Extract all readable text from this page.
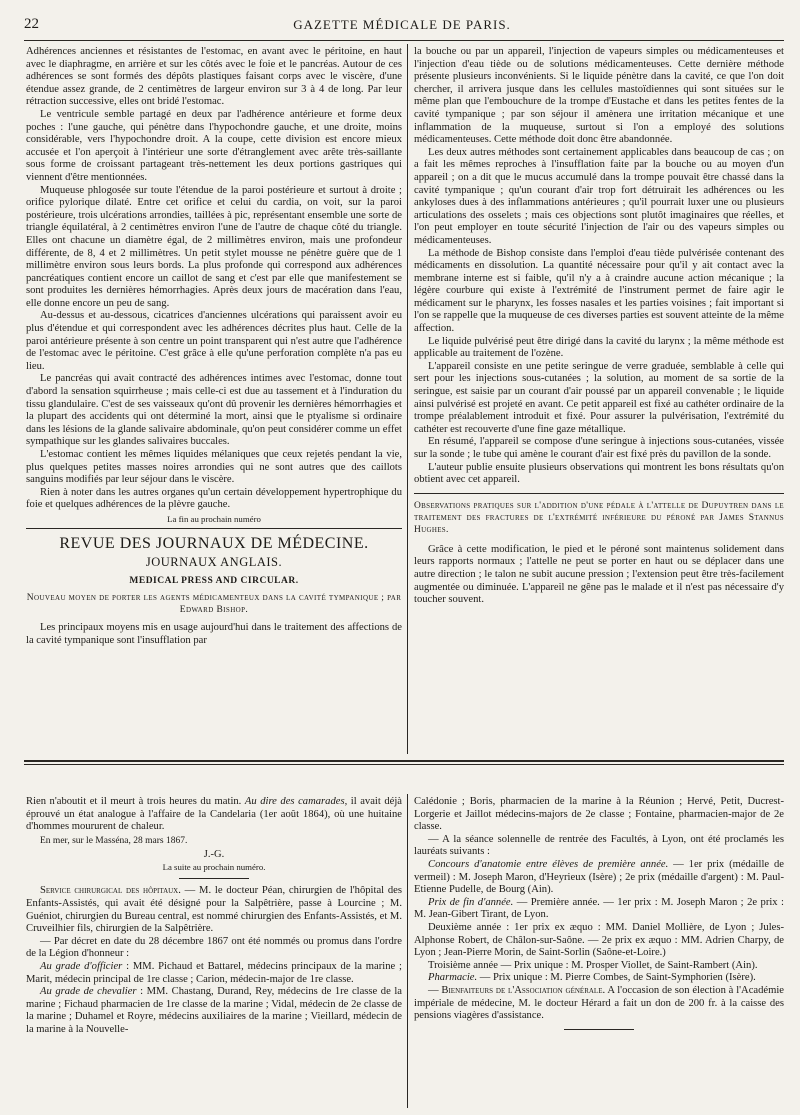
22	GAZETTE MÉDICALE DE PARIS.

Adhérences anciennes et résistantes de l'estomac, en avant avec le péritoine, en haut avec le diaphragme, en arrière et sur les côtés avec le foie et le pancréas. Autour de ces adhérences se sont formés des dépôts plastiques faisant corps avec le viscère, d'une étendue assez grande, de 2 centimètres de largeur environ sur 3 à 4 de long. Par leur rétraction successive, elles ont bridé l'estomac.

Le ventricule semble partagé en deux par l'adhérence antérieure et forme deux poches : l'une gauche, qui pénètre dans l'hypochondre gauche, et une droite, moins considérable, vers l'hypochondre droit. A la coupe, cette division est encore mieux accusée et l'on aperçoit à l'intérieur une sorte d'étranglement avec arête très-saillante sous forme de croissant partageant très-nettement les deux portions gastriques qui viennent d'être mentionnées.

Muqueuse phlogosée sur toute l'étendue de la paroi postérieure et surtout à droite ; orifice pylorique dilaté. Entre cet orifice et celui du cardia, on voit, sur la paroi postérieure, trois ulcérations arrondies, taillées à pic, représentant ensemble une sorte de triangle équilatéral, à 2 centimètres environ l'une de l'autre de chaque côté du triangle. Elles ont chacune un diamètre égal, de 2 millimètres environ, mais une profondeur différente, de 8, 4 et 2 millimètres. Un petit stylet mousse ne pénètre guère que de 1 millimètre environ sous leurs bords. La plus profonde qui correspond aux adhérences pancréatiques contient encore un caillot de sang et c'est par elle que manifestement se sont produites les dernières hémorrhagies. Après deux jours de macération dans l'eau, elle donne encore un peu de sang.

Au-dessus et au-dessous, cicatrices d'anciennes ulcérations qui paraissent avoir eu plus d'étendue et qui correspondent avec les adhérences décrites plus haut. Celle de la paroi antérieure présente à son centre un point transparent qui n'est autre que l'adhérence de l'estomac avec le péritoine. C'est grâce à elle qu'une perforation complète n'a pas eu lieu.

Le pancréas qui avait contracté des adhérences intimes avec l'estomac, donne tout d'abord la sensation squirrheuse ; mais celle-ci est due au tassement et à l'induration du tissu glandulaire. C'est de ses vaisseaux qu'ont dû provenir les dernières hémorrhagies et la plupart des accidents qui ont déterminé la mort, ainsi que le ptyalisme si ordinaire dans les lésions de la glande salivaire abdominale, qu'on peut considérer comme un effet sympathique sur les glandes salivaires buccales.

L'estomac contient les mêmes liquides mélaniques que ceux rejetés pendant la vie, plus quelques petites masses noires arrondies qui ne sont autres que des caillots sanguins modifiés par leur séjour dans le viscère.

Rien à noter dans les autres organes qu'un certain développement hypertrophique du foie et quelques adhérences de la plèvre gauche.

La fin au prochain numéro
REVUE DES JOURNAUX DE MÉDECINE.
JOURNAUX ANGLAIS.
MEDICAL PRESS AND CIRCULAR.
Nouveau moyen de porter les agents médicamenteux dans la cavité tympanique ; par Edward Bishop.

Les principaux moyens mis en usage aujourd'hui dans le traitement des affections de la cavité tympanique sont l'insufflation par

la bouche ou par un appareil, l'injection de vapeurs simples ou médicamenteuses et l'injection d'eau tiède ou de solutions médicamenteuses. Cette dernière méthode présente plusieurs inconvénients. Si le liquide pénètre dans la cavité, ce que l'on doit chercher, il arrivera jusque dans les cellules mastoïdiennes qui sont situées sur le même plan que l'embouchure de la trompe d'Eustache et dans les petites fentes de la cavité tympanique ; par son séjour il amènera une irritation mécanique et une inflammation de la muqueuse, surtout si l'on a employé des solutions médicamenteuses. Cette méthode doit donc être abandonnée.

Les deux autres méthodes sont certainement applicables dans beaucoup de cas ; on a fait les mêmes reproches à l'insufflation faite par la bouche ou au moyen d'un appareil ; on a dit que le mucus accumulé dans la trompe pouvait être chassé dans la cavité tympanique ; qu'un courant d'air trop fort détruirait les adhérences ou les ankyloses dues à des inflammations antérieures ; qu'il pourrait luxer une ou plusieurs articulations des osselets ; mais ces objections sont plutôt imaginaires que réelles, et l'on peut employer en toute sécurité l'injection de l'air ou des vapeurs simples ou médicamenteuses.

La méthode de Bishop consiste dans l'emploi d'eau tiède pulvérisée contenant des médicaments en dissolution. La quantité nécessaire pour qu'il y ait contact avec la membrane interne est si faible, qu'il n'y a à craindre aucune action mécanique ; la légère courbure qui existe à l'extrémité de l'instrument permet de faire agir le médicament sur le pharynx, les fosses nasales et les parties voisines ; fait important si l'on se rappelle que la muqueuse de ces diverses parties est souvent atteinte de la même affection.

Le liquide pulvérisé peut être dirigé dans la cavité du larynx ; la même méthode est applicable au traitement de l'ozène.

L'appareil consiste en une petite seringue de verre graduée, semblable à celle qui sert pour les injections sous-cutanées ; la solution, au moment de sa sortie de la seringue, est saisie par un courant d'air poussé par un appareil convenable ; le liquide ainsi pulvérisé est projeté en avant. Ce petit appareil est fixé au cathéter ordinaire de la trompe préalablement introduit et fixé. Pour assurer la pulvérisation, l'extrémité du cathéter est recouverte d'une fine gaze métallique.

En résumé, l'appareil se compose d'une seringue à injections sous-cutanées, vissée sur la sonde ; le tube qui amène le courant d'air est fixé près du pavillon de la sonde.

L'auteur publie ensuite plusieurs observations qui montrent les bons résultats qu'on obtient avec cet appareil.

Observations pratiques sur l'addition d'une pédale à l'attelle de Dupuytren dans le traitement des fractures de l'extrémité inférieure du péroné par James Stannus Hughes.

Grâce à cette modification, le pied et le péroné sont maintenus solidement dans leurs rapports normaux ; l'attelle ne peut se porter en haut ou se déplacer dans une autre direction ; le talon ne subit aucune pression ; l'extension peut être très-facilement augmentée ou diminuée. L'appareil ne gêne pas le malade et il n'est pas nécessaire d'y toucher souvent.

Rien n'aboutit et il meurt à trois heures du matin. Au dire des camarades, il avait déjà éprouvé un état analogue à l'affaire de la Candelaria (1er août 1864), où une huitaine d'hommes moururent de chaleur.

En mer, sur le Masséna, 28 mars 1867.

J.-G.
La suite au prochain numéro.

Service chirurgical des hôpitaux. — M. le docteur Péan, chirurgien de l'hôpital des Enfants-Assistés, qui avait été désigné pour la Salpêtrière, passe à Lourcine ; M. Guéniot, chirurgien du Bureau central, est nommé chirurgien des Enfants-Assistés, et M. Cruveilhier fils, chirurgien de la Salpêtrière.

— Par décret en date du 28 décembre 1867 ont été nommés ou promus dans l'ordre de la Légion d'honneur :

Au grade d'officier : MM. Pichaud et Battarel, médecins principaux de la marine ; Marit, médecin principal de 1re classe ; Carion, médecin-major de 1re classe.

Au grade de chevalier : MM. Chastang, Durand, Rey, médecins de 1re classe de la marine ; Fichaud pharmacien de 1re classe de la marine ; Vidal, médecin de 2e classe de la marine ; Duhamel et Royre, médecins auxiliaires de la marine ; Vieillard, médecin de la marine à la Nouvelle-

Calédonie ; Boris, pharmacien de la marine à la Réunion ; Hervé, Petit, Ducrest-Lorgerie et Jaillot médecins-majors de 2e classe ; Fontaine, pharmacien-major de 2e classe.

— A la séance solennelle de rentrée des Facultés, à Lyon, ont été proclamés les lauréats suivants :

Concours d'anatomie entre élèves de première année. — 1er prix (médaille de vermeil) : M. Joseph Maron, d'Heyrieux (Isère) ; 2e prix (médaille d'argent) : M. Paul-Etienne Pudelle, de Bourg (Ain).

Prix de fin d'année. — Première année. — 1er prix : M. Joseph Maron ; 2e prix : M. Jean-Gibert Tirant, de Lyon.

Deuxième année : 1er prix ex æquo : MM. Daniel Mollière, de Lyon ; Jules-Alphonse Robert, de Châlon-sur-Saône. — 2e prix ex æquo : MM. Adrien Charpy, de Lyon ; Jean-Pierre Morin, de Saint-Sorlin (Saône-et-Loire.)

Troisième année — Prix unique : M. Prosper Viollet, de Saint-Rambert (Ain).

Pharmacie. — Prix unique : M. Pierre Combes, de Saint-Symphorien (Isère).

— Bienfaiteurs de l'Association générale. A l'occasion de son élection à l'Académie impériale de médecine, M. le docteur Hérard a fait un don de 200 fr. à la caisse des pensions viagères d'assistance.
